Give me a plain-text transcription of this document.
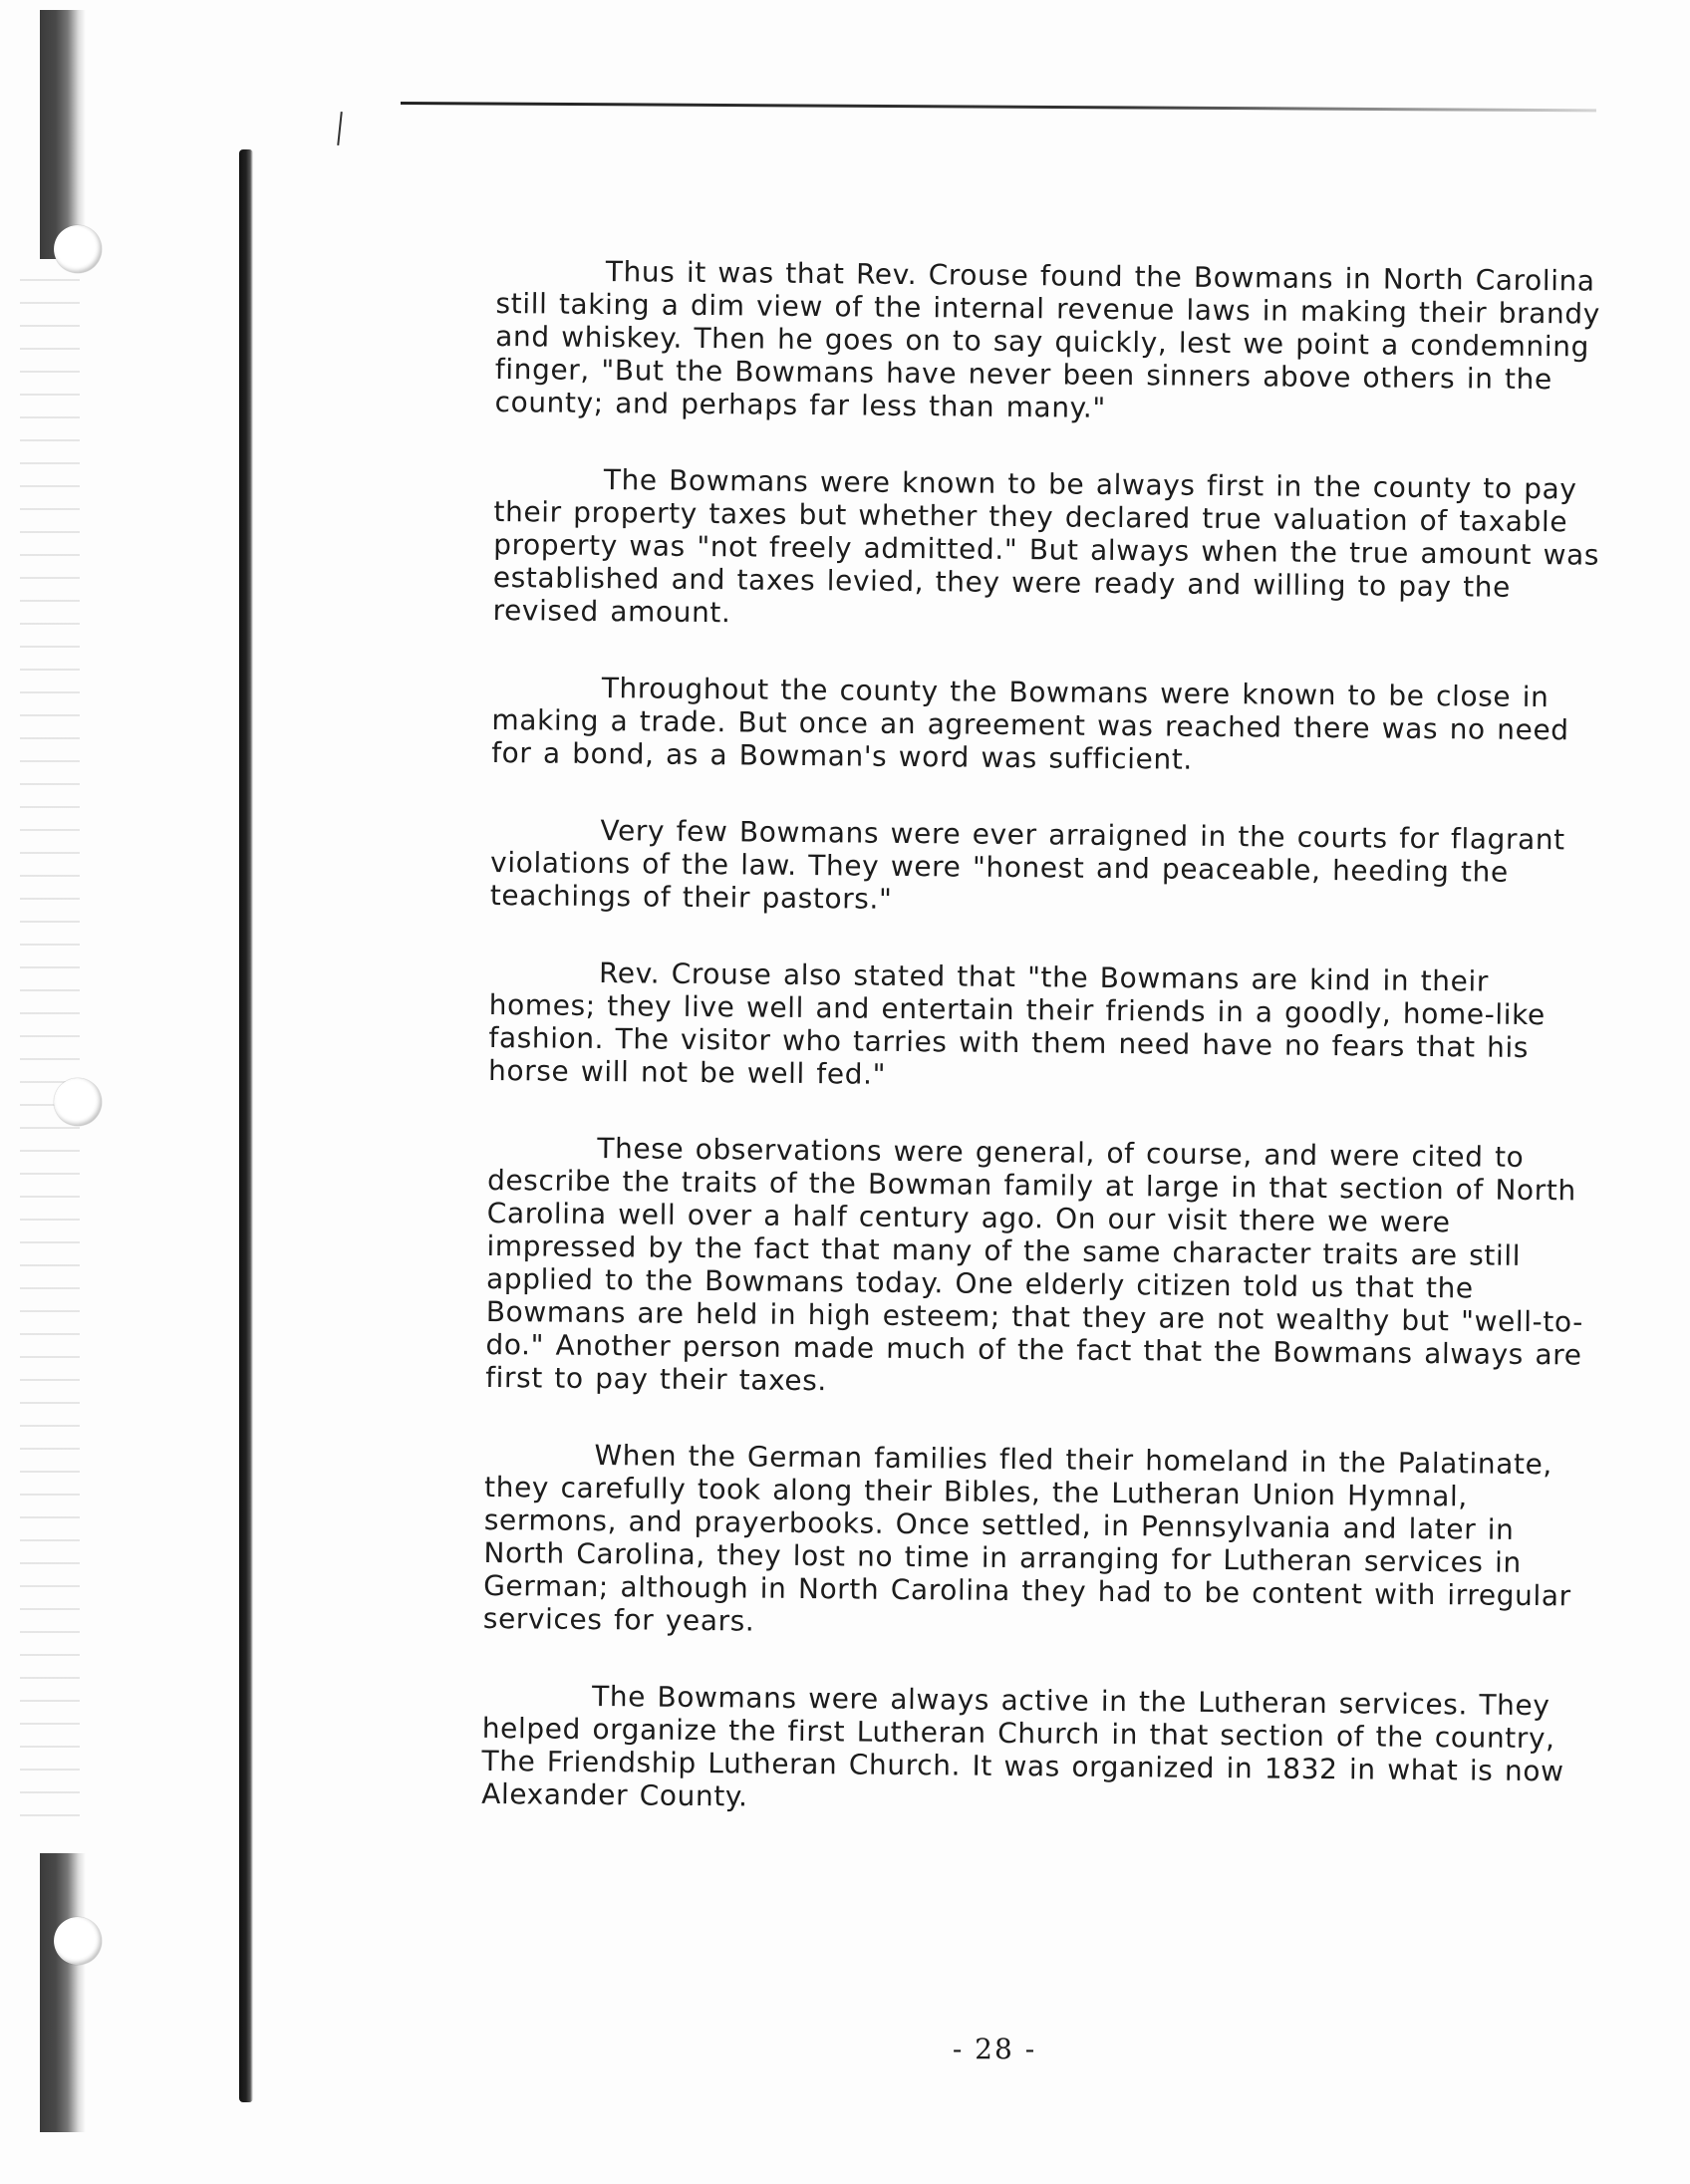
Thus it was that Rev. Crouse found the Bowmans in North Carolina still taking a dim view of the internal revenue laws in making their brandy and whiskey. Then he goes on to say quickly, lest we point a condemning finger, "But the Bowmans have never been sinners above others in the county; and perhaps far less than many."

The Bowmans were known to be always first in the county to pay their property taxes but whether they declared true valuation of taxable property was "not freely admitted." But always when the true amount was established and taxes levied, they were ready and willing to pay the revised amount.

Throughout the county the Bowmans were known to be close in making a trade. But once an agreement was reached there was no need for a bond, as a Bowman's word was sufficient.

Very few Bowmans were ever arraigned in the courts for flagrant violations of the law. They were "honest and peaceable, heeding the teachings of their pastors."

Rev. Crouse also stated that "the Bowmans are kind in their homes; they live well and entertain their friends in a goodly, home-like fashion. The visitor who tarries with them need have no fears that his horse will not be well fed."

These observations were general, of course, and were cited to describe the traits of the Bowman family at large in that section of North Carolina well over a half century ago. On our visit there we were impressed by the fact that many of the same character traits are still applied to the Bowmans today. One elderly citizen told us that the Bowmans are held in high esteem; that they are not wealthy but "well-to-do." Another person made much of the fact that the Bowmans always are first to pay their taxes.

When the German families fled their homeland in the Palatinate, they carefully took along their Bibles, the Lutheran Union Hymnal, sermons, and prayerbooks. Once settled, in Pennsylvania and later in North Carolina, they lost no time in arranging for Lutheran services in German; although in North Carolina they had to be content with irregular services for years.

The Bowmans were always active in the Lutheran services. They helped organize the first Lutheran Church in that section of the country, The Friendship Lutheran Church. It was organized in 1832 in what is now Alexander County.

- 28 -
